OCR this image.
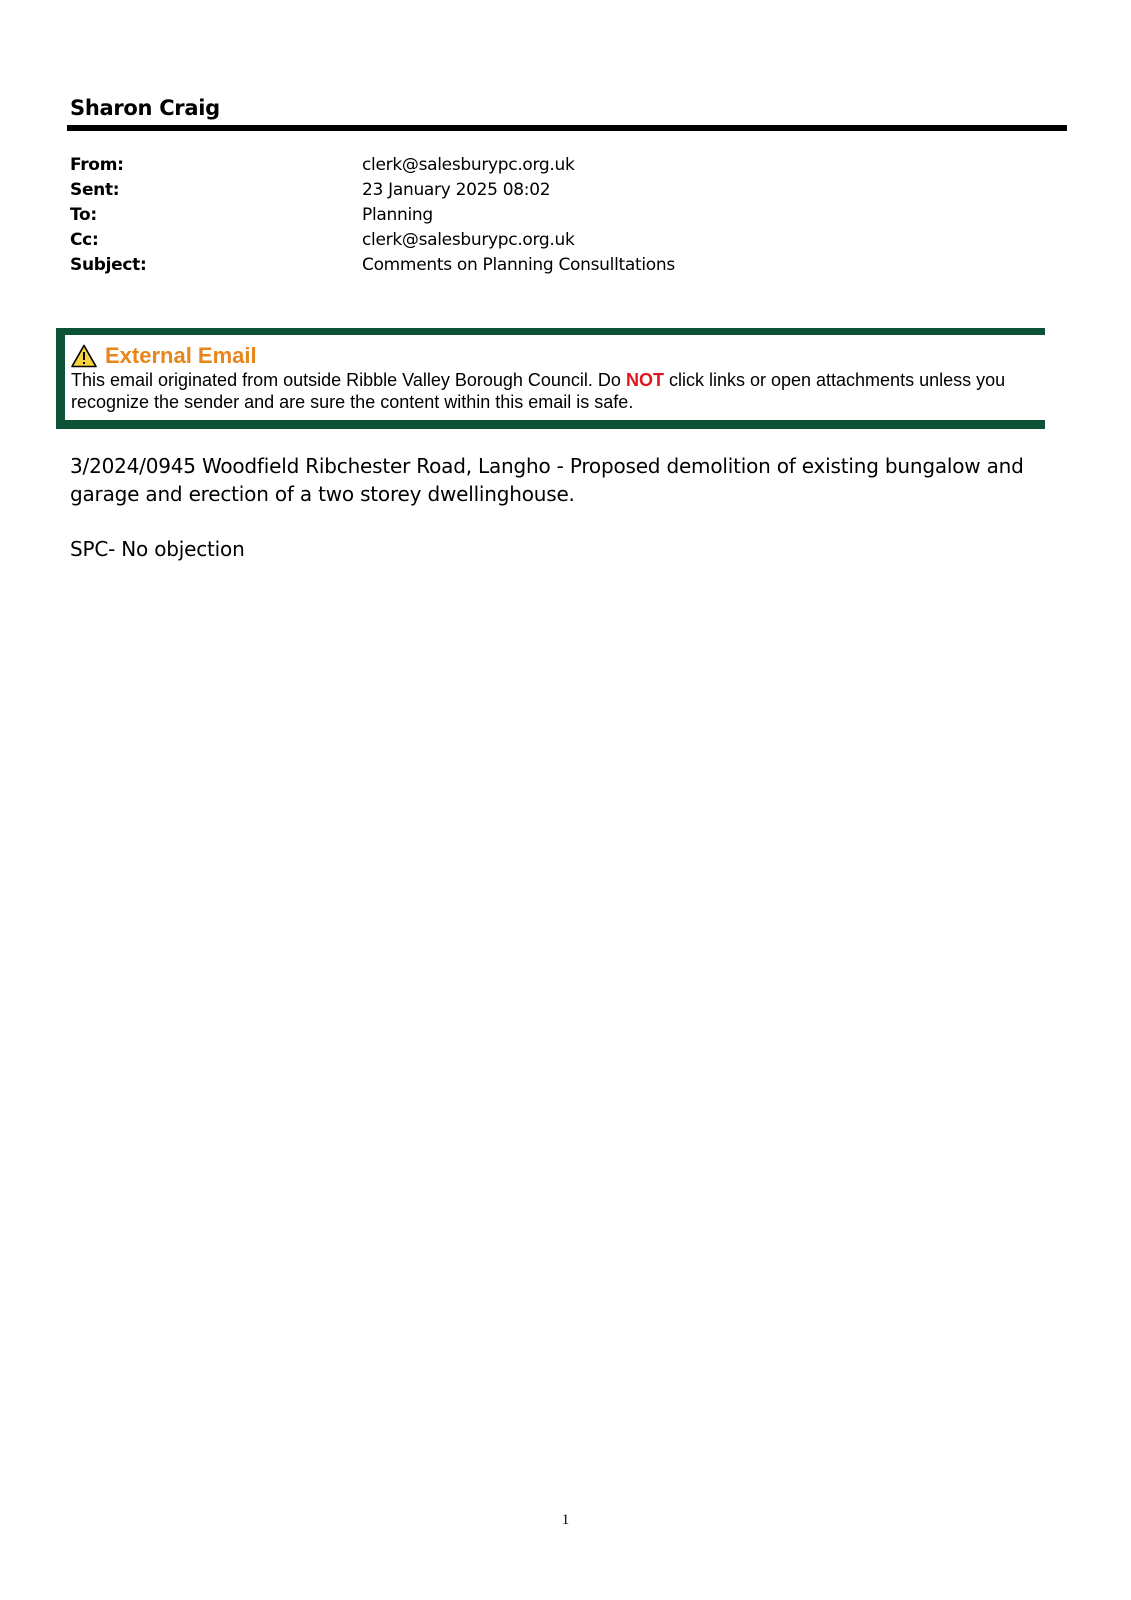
Sharon Craig
From:	clerk@salesburypc.org.uk
Sent:	23 January 2025 08:02
To:	Planning
Cc:	clerk@salesburypc.org.uk
Subject:	Comments on Planning Consulltations
External Email
This email originated from outside Ribble Valley Borough Council. Do NOT click links or open attachments unless you recognize the sender and are sure the content within this email is safe.

3/2024/0945 Woodfield Ribchester Road, Langho - Proposed demolition of existing bungalow and garage and erection of a two storey dwellinghouse.

SPC- No objection

1
